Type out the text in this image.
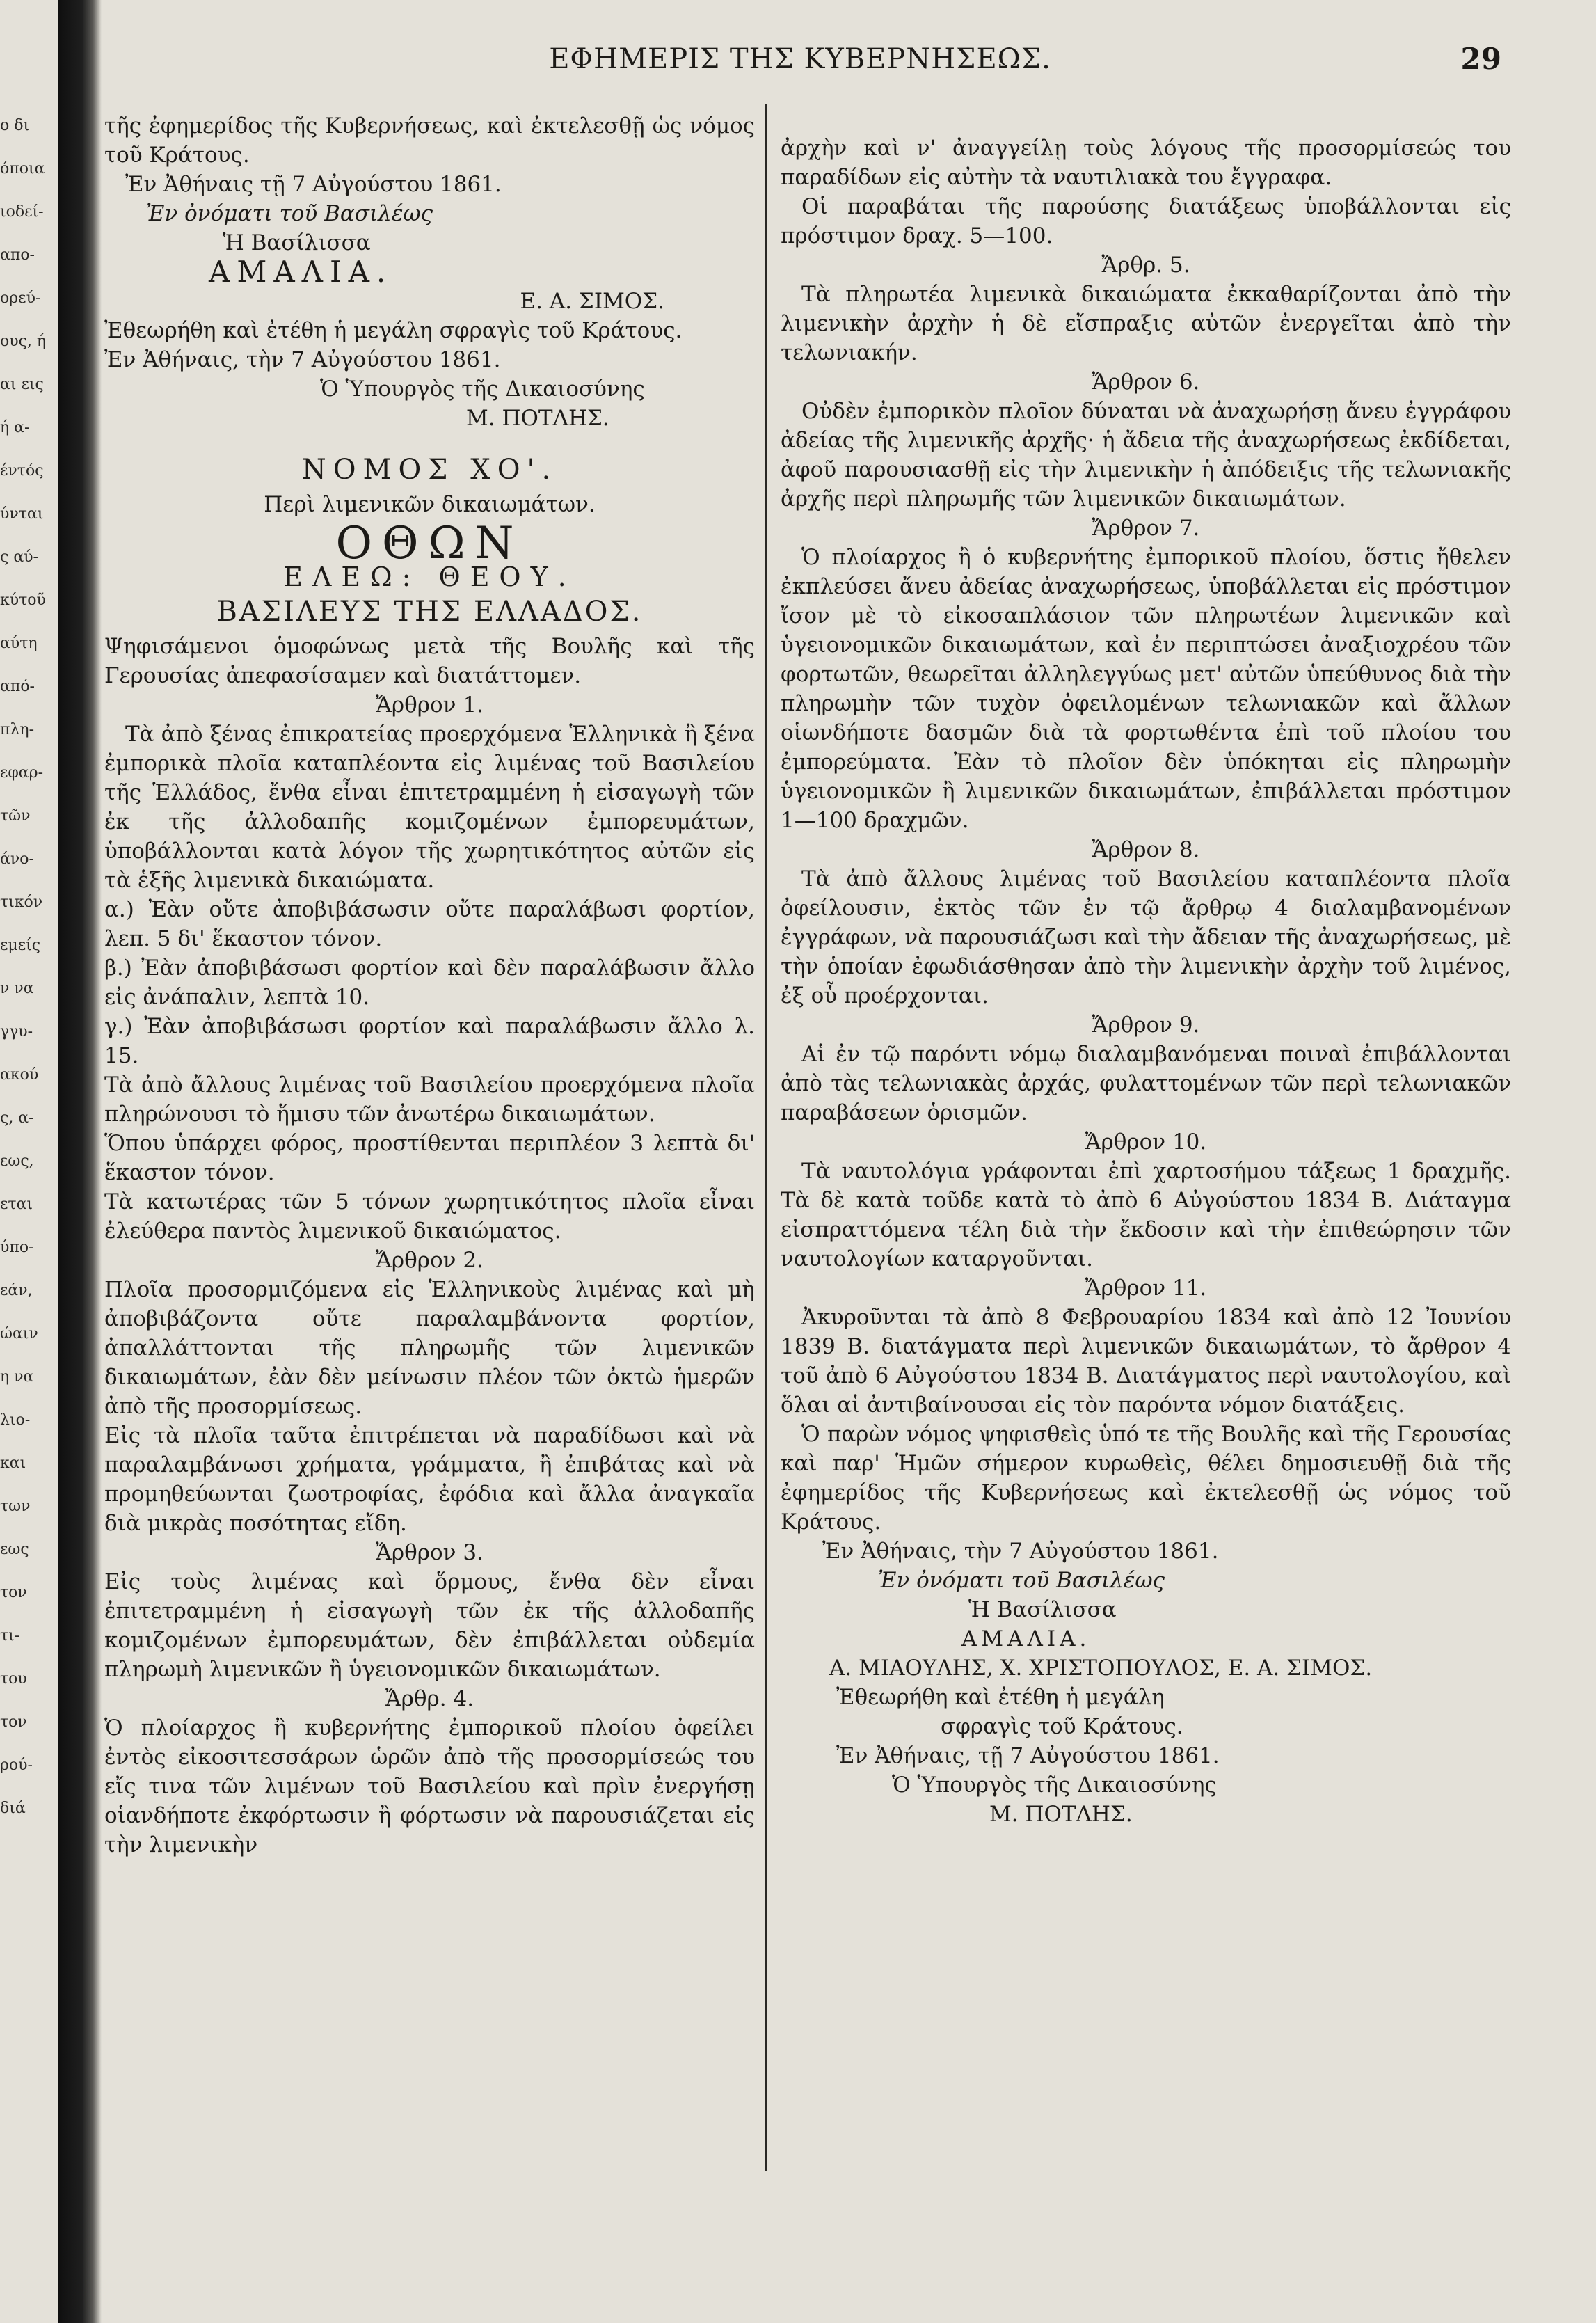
ο δι
όποια
ιοδεί-
απο-
ορεύ-
ους, ή
αι εις
ή α-
έντός
ύνται
ς αύ-
κύτοῦ
αύτη
από-
πλη-
εφαρ-
τῶν
άνο-
τικόν
εμείς
ν να
γγυ-
ακού
ς, α-
εως,
εται
ύπο-
εάν,
ώαιν
η να
λιο-
και
των
εως
τον
τι-
του
τον
ρού-
διά
ΕΦΗΜΕΡΙΣ ΤΗΣ ΚΥΒΕΡΝΗΣΕΩΣ.	29

τῆς ἐφημερίδος τῆς Κυβερνήσεως, καὶ ἐκτελεσθῇ ὡς νόμος τοῦ Κράτους.

Ἐν Ἀθήναις τῇ 7 Αὐγούστου 1861.

Ἐν ὀνόματι τοῦ Βασιλέως

Ἡ Βασίλισσα

ΑΜΑΛΙΑ.

Ε. Α. ΣΙΜΟΣ.

Ἐθεωρήθη καὶ ἐτέθη ἡ μεγάλη σφραγὶς τοῦ Κράτους.

Ἐν Ἀθήναις, τὴν 7 Αὐγούστου 1861.

Ὁ Ὑπουργὸς τῆς Δικαιοσύνης

Μ. ΠΟΤΛΗΣ.

ΝΟΜΟΣ ΧΟ'.

Περὶ λιμενικῶν δικαιωμάτων.

ΟΘΩΝ

ΕΛΕΩ: ΘΕΟΥ.

ΒΑΣΙΛΕΥΣ ΤΗΣ ΕΛΛΑΔΟΣ.

Ψηφισάμενοι ὁμοφώνως μετὰ τῆς Βουλῆς καὶ τῆς Γερουσίας ἀπεφασίσαμεν καὶ διατάττομεν.

Ἄρθρον 1.

Τὰ ἀπὸ ξένας ἐπικρατείας προερχόμενα Ἑλληνικὰ ἢ ξένα ἐμπορικὰ πλοῖα καταπλέοντα εἰς λιμένας τοῦ Βασιλείου τῆς Ἑλλάδος, ἔνθα εἶναι ἐπιτετραμμένη ἡ εἰσαγωγὴ τῶν ἐκ τῆς ἀλλοδαπῆς κομιζομένων ἐμπορευμάτων, ὑποβάλλονται κατὰ λόγον τῆς χωρητικότητος αὐτῶν εἰς τὰ ἑξῆς λιμενικὰ δικαιώματα.

α.) Ἐὰν οὔτε ἀποβιβάσωσιν οὔτε παραλάβωσι φορτίον, λεπ. 5 δι' ἕκαστον τόνον.

β.) Ἐὰν ἀποβιβάσωσι φορτίον καὶ δὲν παραλάβωσιν ἄλλο εἰς ἀνάπαλιν, λεπτὰ 10.

γ.) Ἐὰν ἀποβιβάσωσι φορτίον καὶ παραλάβωσιν ἄλλο λ. 15.

Τὰ ἀπὸ ἄλλους λιμένας τοῦ Βασιλείου προερχόμενα πλοῖα πληρώνουσι τὸ ἥμισυ τῶν ἀνωτέρω δικαιωμάτων.

Ὅπου ὑπάρχει φόρος, προστίθενται περιπλέον 3 λεπτὰ δι' ἕκαστον τόνον.

Τὰ κατωτέρας τῶν 5 τόνων χωρητικότητος πλοῖα εἶναι ἐλεύθερα παντὸς λιμενικοῦ δικαιώματος.

Ἄρθρον 2.

Πλοῖα προσορμιζόμενα εἰς Ἑλληνικοὺς λιμένας καὶ μὴ ἀποβιβάζοντα οὔτε παραλαμβάνοντα φορτίον, ἀπαλλάττονται τῆς πληρωμῆς τῶν λιμενικῶν δικαιωμάτων, ἐὰν δὲν μείνωσιν πλέον τῶν ὀκτὼ ἡμερῶν ἀπὸ τῆς προσορμίσεως.

Εἰς τὰ πλοῖα ταῦτα ἐπιτρέπεται νὰ παραδίδωσι καὶ νὰ παραλαμβάνωσι χρήματα, γράμματα, ἢ ἐπιβάτας καὶ νὰ προμηθεύωνται ζωοτροφίας, ἐφόδια καὶ ἄλλα ἀναγκαῖα διὰ μικρὰς ποσότητας εἴδη.

Ἄρθρον 3.

Εἰς τοὺς λιμένας καὶ ὅρμους, ἔνθα δὲν εἶναι ἐπιτετραμμένη ἡ εἰσαγωγὴ τῶν ἐκ τῆς ἀλλοδαπῆς κομιζομένων ἐμπορευμάτων, δὲν ἐπιβάλλεται οὐδεμία πληρωμὴ λιμενικῶν ἢ ὑγειονομικῶν δικαιωμάτων.

Ἄρθρ. 4.

Ὁ πλοίαρχος ἢ κυβερνήτης ἐμπορικοῦ πλοίου ὀφείλει ἐντὸς εἰκοσιτεσσάρων ὡρῶν ἀπὸ τῆς προσορμίσεώς του εἴς τινα τῶν λιμένων τοῦ Βασιλείου καὶ πρὶν ἐνεργήσῃ οἱανδήποτε ἐκφόρτωσιν ἢ φόρτωσιν νὰ παρουσιάζεται εἰς τὴν λιμενικὴν

ἀρχὴν καὶ ν' ἀναγγείλῃ τοὺς λόγους τῆς προσορμίσεώς του παραδίδων εἰς αὐτὴν τὰ ναυτιλιακὰ του ἔγγραφα.

Οἱ παραβάται τῆς παρούσης διατάξεως ὑποβάλλονται εἰς πρόστιμον δραχ. 5—100.

Ἄρθρ. 5.

Τὰ πληρωτέα λιμενικὰ δικαιώματα ἐκκαθαρίζονται ἀπὸ τὴν λιμενικὴν ἀρχὴν ἡ δὲ εἴσπραξις αὐτῶν ἐνεργεῖται ἀπὸ τὴν τελωνιακήν.

Ἄρθρον 6.

Οὐδὲν ἐμπορικὸν πλοῖον δύναται νὰ ἀναχωρήσῃ ἄνευ ἐγγράφου ἀδείας τῆς λιμενικῆς ἀρχῆς· ἡ ἄδεια τῆς ἀναχωρήσεως ἐκδίδεται, ἀφοῦ παρουσιασθῇ εἰς τὴν λιμενικὴν ἡ ἀπόδειξις τῆς τελωνιακῆς ἀρχῆς περὶ πληρωμῆς τῶν λιμενικῶν δικαιωμάτων.

Ἄρθρον 7.

Ὁ πλοίαρχος ἢ ὁ κυβερνήτης ἐμπορικοῦ πλοίου, ὅστις ἤθελεν ἐκπλεύσει ἄνευ ἀδείας ἀναχωρήσεως, ὑποβάλλεται εἰς πρόστιμον ἴσον μὲ τὸ εἰκοσαπλάσιον τῶν πληρωτέων λιμενικῶν καὶ ὑγειονομικῶν δικαιωμάτων, καὶ ἐν περιπτώσει ἀναξιοχρέου τῶν φορτωτῶν, θεωρεῖται ἀλληλεγγύως μετ' αὐτῶν ὑπεύθυνος διὰ τὴν πληρωμὴν τῶν τυχὸν ὀφειλομένων τελωνιακῶν καὶ ἄλλων οἱωνδήποτε δασμῶν διὰ τὰ φορτωθέντα ἐπὶ τοῦ πλοίου του ἐμπορεύματα. Ἐὰν τὸ πλοῖον δὲν ὑπόκηται εἰς πληρωμὴν ὑγειονομικῶν ἢ λιμενικῶν δικαιωμάτων, ἐπιβάλλεται πρόστιμον 1—100 δραχμῶν.

Ἄρθρον 8.

Τὰ ἀπὸ ἄλλους λιμένας τοῦ Βασιλείου καταπλέοντα πλοῖα ὀφείλουσιν, ἐκτὸς τῶν ἐν τῷ ἄρθρῳ 4 διαλαμβανομένων ἐγγράφων, νὰ παρουσιάζωσι καὶ τὴν ἄδειαν τῆς ἀναχωρήσεως, μὲ τὴν ὁποίαν ἐφωδιάσθησαν ἀπὸ τὴν λιμενικὴν ἀρχὴν τοῦ λιμένος, ἐξ οὗ προέρχονται.

Ἄρθρον 9.

Αἱ ἐν τῷ παρόντι νόμῳ διαλαμβανόμεναι ποιναὶ ἐπιβάλλονται ἀπὸ τὰς τελωνιακὰς ἀρχάς, φυλαττομένων τῶν περὶ τελωνιακῶν παραβάσεων ὁρισμῶν.

Ἄρθρον 10.

Τὰ ναυτολόγια γράφονται ἐπὶ χαρτοσήμου τάξεως 1 δραχμῆς. Τὰ δὲ κατὰ τοῦδε κατὰ τὸ ἀπὸ 6 Αὐγούστου 1834 Β. Διάταγμα εἰσπραττόμενα τέλη διὰ τὴν ἔκδοσιν καὶ τὴν ἐπιθεώρησιν τῶν ναυτολογίων καταργοῦνται.

Ἄρθρον 11.

Ἀκυροῦνται τὰ ἀπὸ 8 Φεβρουαρίου 1834 καὶ ἀπὸ 12 Ἰουνίου 1839 Β. διατάγματα περὶ λιμενικῶν δικαιωμάτων, τὸ ἄρθρον 4 τοῦ ἀπὸ 6 Αὐγούστου 1834 Β. Διατάγματος περὶ ναυτολογίου, καὶ ὅλαι αἱ ἀντιβαίνουσαι εἰς τὸν παρόντα νόμον διατάξεις.

Ὁ παρὼν νόμος ψηφισθεὶς ὑπό τε τῆς Βουλῆς καὶ τῆς Γερουσίας καὶ παρ' Ἡμῶν σήμερον κυρωθεὶς, θέλει δημοσιευθῇ διὰ τῆς ἐφημερίδος τῆς Κυβερνήσεως καὶ ἐκτελεσθῇ ὡς νόμος τοῦ Κράτους.

Ἐν Ἀθήναις, τὴν 7 Αὐγούστου 1861.

Ἐν ὀνόματι τοῦ Βασιλέως

Ἡ Βασίλισσα

ΑΜΑΛΙΑ.

Α. ΜΙΑΟΥΛΗΣ, Χ. ΧΡΙΣΤΟΠΟΥΛΟΣ, Ε. Α. ΣΙΜΟΣ.

Ἐθεωρήθη καὶ ἐτέθη ἡ μεγάλη

σφραγὶς τοῦ Κράτους.

Ἐν Ἀθήναις, τῇ 7 Αὐγούστου 1861.

Ὁ Ὑπουργὸς τῆς Δικαιοσύνης

Μ. ΠΟΤΛΗΣ.
